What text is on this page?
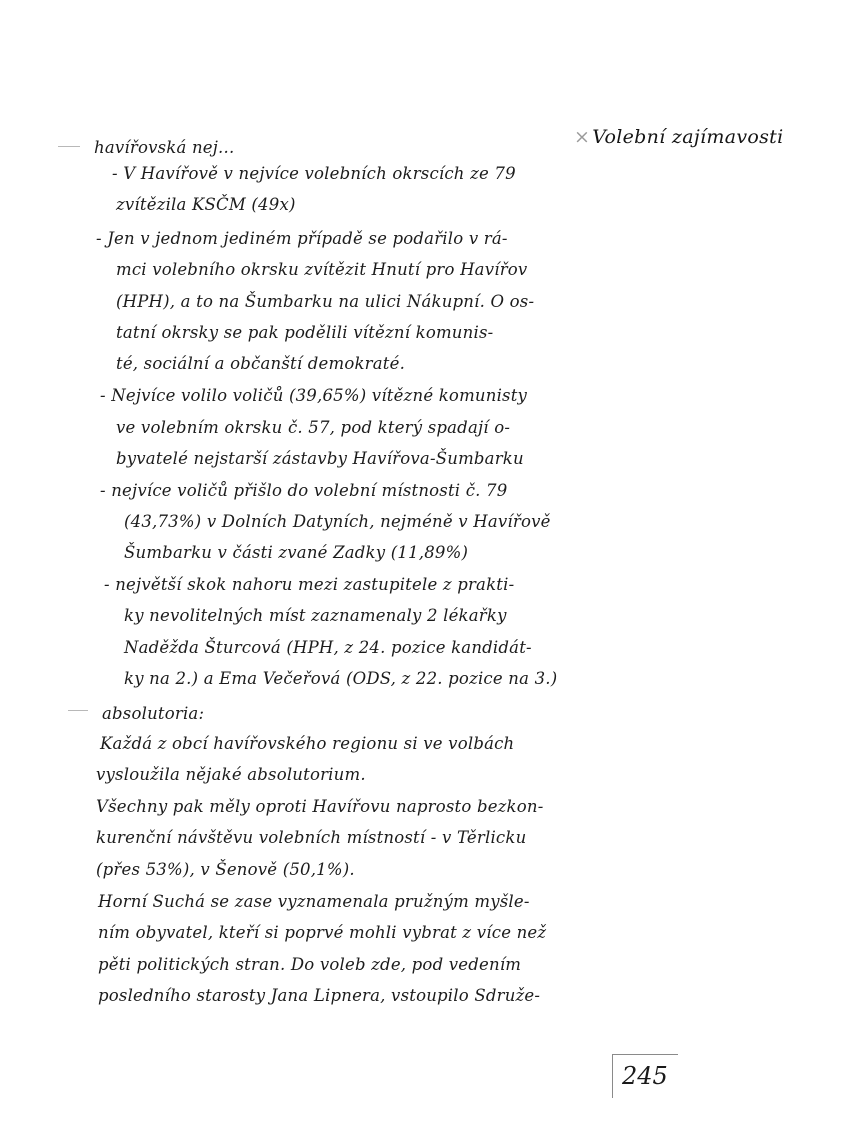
× Volební zajímavosti
havířovská nej...
- V Havířově v nejvíce volebních okrscích ze 79
zvítězila KSČM (49x)
- Jen v jednom jediném případě se podařilo v rá-
mci volebního okrsku zvítězit Hnutí pro Havířov
(HPH), a to na Šumbarku na ulici Nákupní. O os-
tatní okrsky se pak podělili vítězní komunis-
té, sociální a občanští demokraté.
- Nejvíce volilo voličů (39,65%) vítězné komunisty
ve volebním okrsku č. 57, pod který spadají o-
byvatelé nejstarší zástavby Havířova-Šumbarku
- nejvíce voličů přišlo do volební místnosti č. 79
(43,73%) v Dolních Datyních, nejméně v Havířově
Šumbarku v části zvané Zadky (11,89%)
- největší skok nahoru mezi zastupitele z prakti-
ky nevolitelných míst zaznamenaly 2 lékařky
Naděžda Šturcová (HPH, z 24. pozice kandidát-
ky na 2.) a Ema Večeřová (ODS, z 22. pozice na 3.)
absolutoria:
Každá z obcí havířovského regionu si ve volbách
vysloužila nějaké absolutorium.
Všechny pak měly oproti Havířovu naprosto bezkon-
kurenční návštěvu volebních místností - v Těrlicku
(přes 53%), v Šenově (50,1%).
Horní Suchá se zase vyznamenala pružným myšle-
ním obyvatel, kteří si poprvé mohli vybrat z více než
pěti politických stran. Do voleb zde, pod vedením
posledního starosty Jana Lipnera, vstoupilo Sdruže-
245
